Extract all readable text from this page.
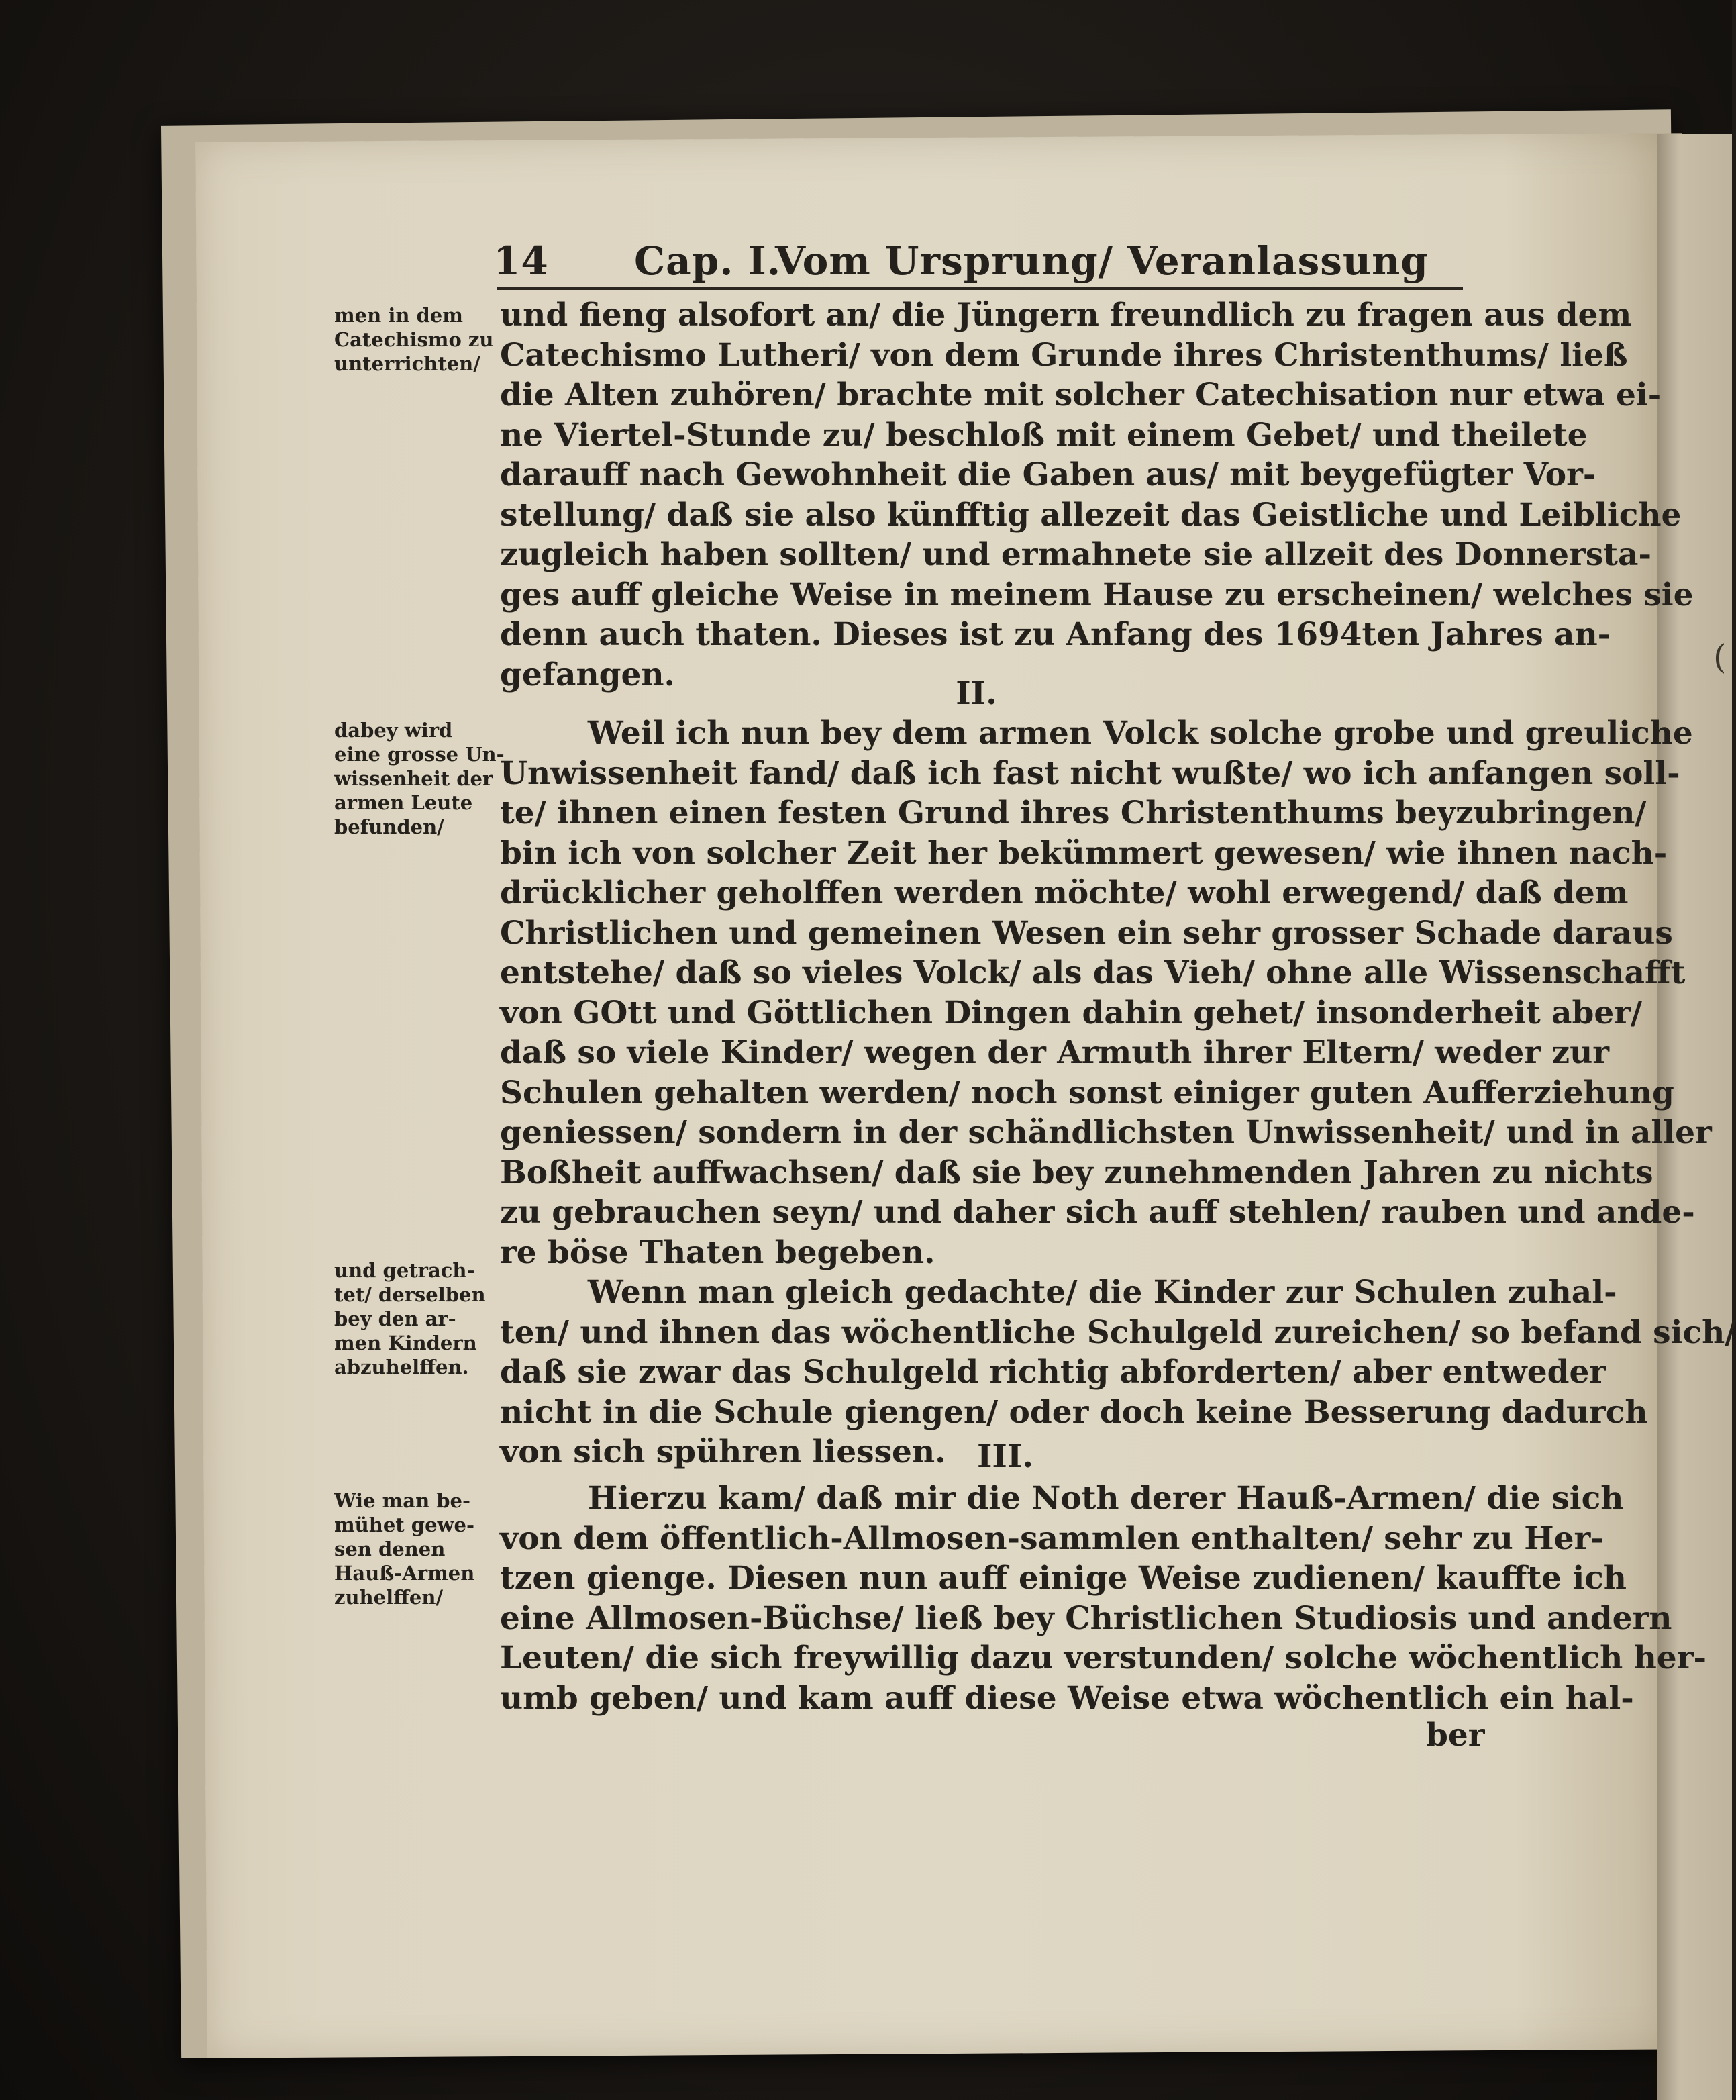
14 Cap. I.
Vom Ursprung/ Veranlassung
men in dem
Catechismo zu
unterrichten/
dabey wird
eine grosse Un-
wissenheit der
armen Leute
befunden/
und getrach-
tet/ derselben
bey den ar-
men Kindern
abzuhelffen.
Wie man be-
mühet gewe-
sen denen
Hauß-Armen
zuhelffen/
und fieng alsofort an/ die Jüngern freundlich zu fragen aus dem
Catechismo Lutheri/ von dem Grunde ihres Christenthums/ ließ
die Alten zuhören/ brachte mit solcher Catechisation nur etwa ei-
ne Viertel-Stunde zu/ beschloß mit einem Gebet/ und theilete
darauff nach Gewohnheit die Gaben aus/ mit beygefügter Vor-
stellung/ daß sie also künfftig allezeit das Geistliche und Leibliche
zugleich haben sollten/ und ermahnete sie allzeit des Donnersta-
ges auff gleiche Weise in meinem Hause zu erscheinen/ welches sie
denn auch thaten. Dieses ist zu Anfang des 1694ten Jahres an-
gefangen.	II.
Weil ich nun bey dem armen Volck solche grobe und greuliche
Unwissenheit fand/ daß ich fast nicht wußte/ wo ich anfangen soll-
te/ ihnen einen festen Grund ihres Christenthums beyzubringen/
bin ich von solcher Zeit her bekümmert gewesen/ wie ihnen nach-
drücklicher geholffen werden möchte/ wohl erwegend/ daß dem
Christlichen und gemeinen Wesen ein sehr grosser Schade daraus
entstehe/ daß so vieles Volck/ als das Vieh/ ohne alle Wissenschafft
von GOtt und Göttlichen Dingen dahin gehet/ insonderheit aber/
daß so viele Kinder/ wegen der Armuth ihrer Eltern/ weder zur
Schulen gehalten werden/ noch sonst einiger guten Aufferziehung
geniessen/ sondern in der schändlichsten Unwissenheit/ und in aller
Boßheit auffwachsen/ daß sie bey zunehmenden Jahren zu nichts
zu gebrauchen seyn/ und daher sich auff stehlen/ rauben und ande-
re böse Thaten begeben.
Wenn man gleich gedachte/ die Kinder zur Schulen zuhal-
ten/ und ihnen das wöchentliche Schulgeld zureichen/ so befand sich/
daß sie zwar das Schulgeld richtig abforderten/ aber entweder
nicht in die Schule giengen/ oder doch keine Besserung dadurch
von sich spühren liessen. III.
Hierzu kam/ daß mir die Noth derer Hauß-Armen/ die sich
von dem öffentlich-Allmosen-sammlen enthalten/ sehr zu Her-
tzen gienge. Diesen nun auff einige Weise zudienen/ kauffte ich
eine Allmosen-Büchse/ ließ bey Christlichen Studiosis und andern
Leuten/ die sich freywillig dazu verstunden/ solche wöchentlich her-
umb geben/ und kam auff diese Weise etwa wöchentlich ein hal-
ber
(
